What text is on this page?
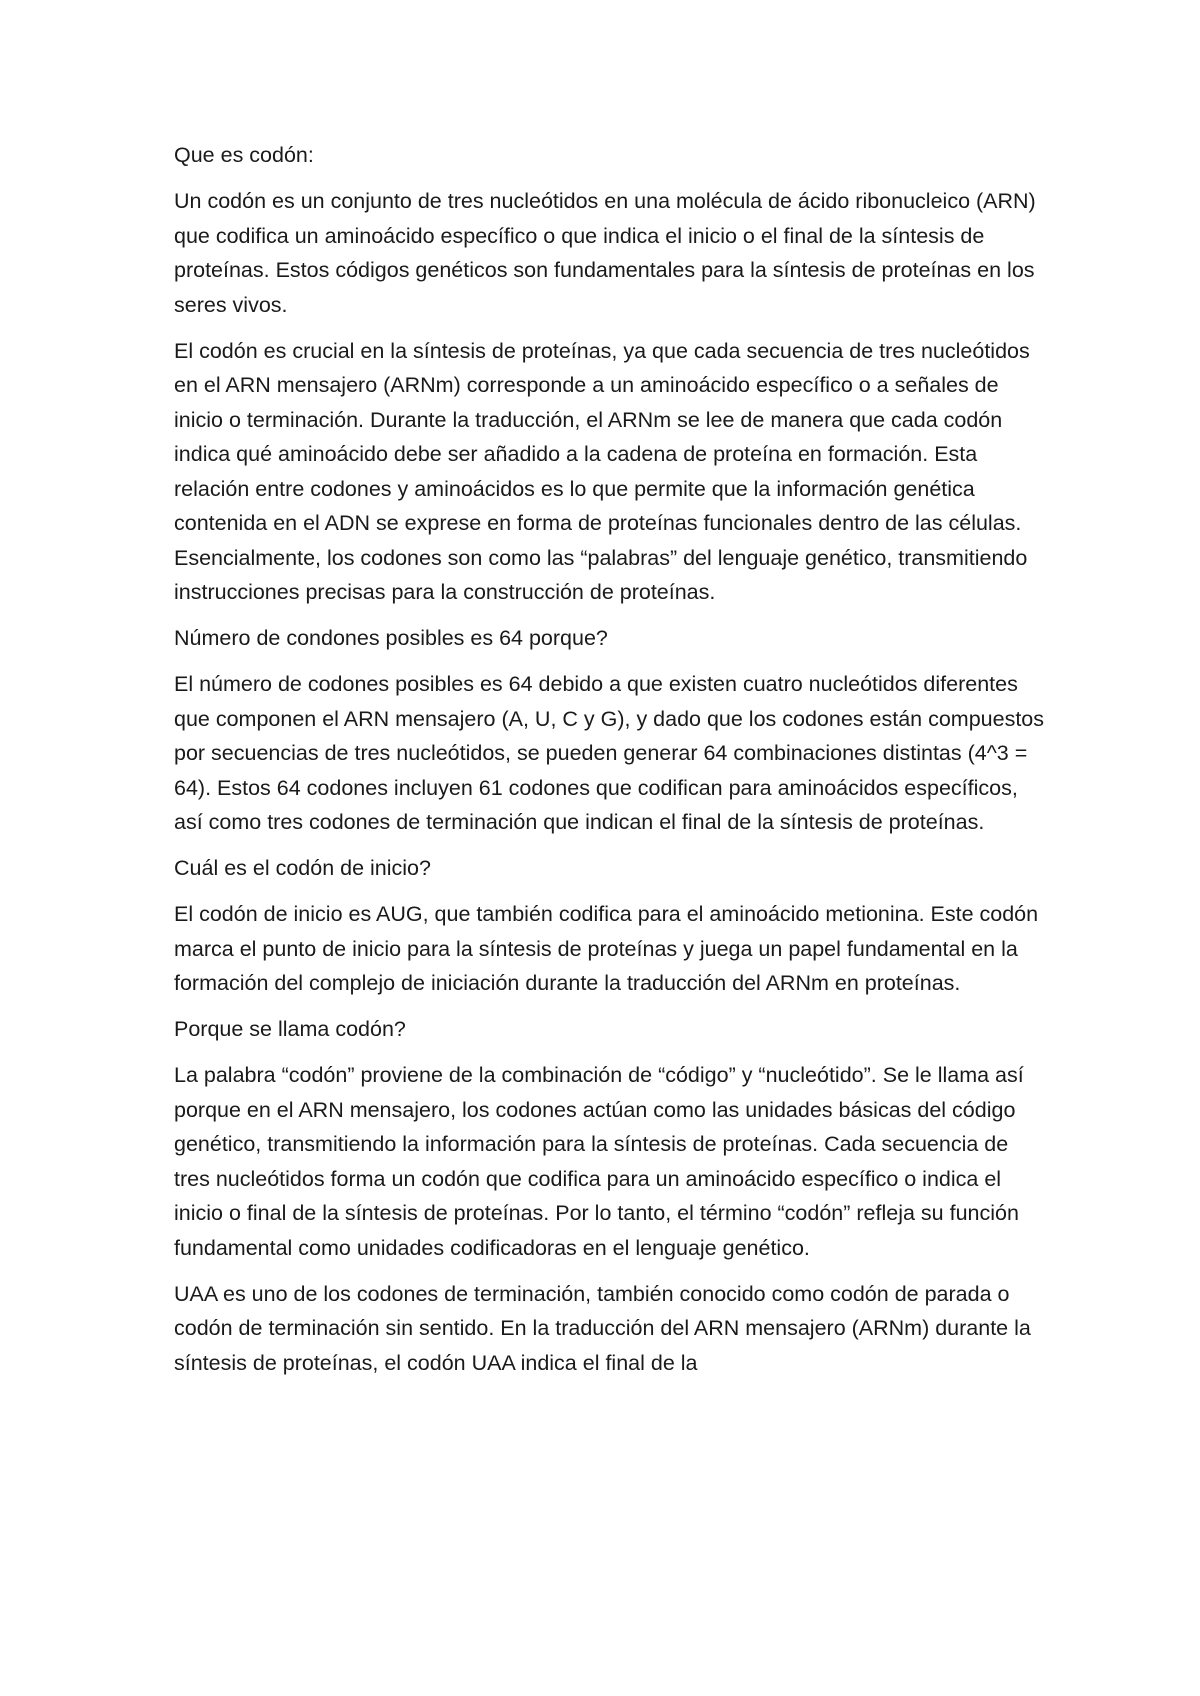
Que es codón:

Un codón es un conjunto de tres nucleótidos en una molécula de ácido ribonucleico (ARN) que codifica un aminoácido específico o que indica el inicio o el final de la síntesis de proteínas. Estos códigos genéticos son fundamentales para la síntesis de proteínas en los seres vivos.

El codón es crucial en la síntesis de proteínas, ya que cada secuencia de tres nucleótidos en el ARN mensajero (ARNm) corresponde a un aminoácido específico o a señales de inicio o terminación. Durante la traducción, el ARNm se lee de manera que cada codón indica qué aminoácido debe ser añadido a la cadena de proteína en formación. Esta relación entre codones y aminoácidos es lo que permite que la información genética contenida en el ADN se exprese en forma de proteínas funcionales dentro de las células. Esencialmente, los codones son como las “palabras” del lenguaje genético, transmitiendo instrucciones precisas para la construcción de proteínas.

Número de condones posibles es 64 porque?

El número de codones posibles es 64 debido a que existen cuatro nucleótidos diferentes que componen el ARN mensajero (A, U, C y G), y dado que los codones están compuestos por secuencias de tres nucleótidos, se pueden generar 64 combinaciones distintas (4^3 = 64). Estos 64 codones incluyen 61 codones que codifican para aminoácidos específicos, así como tres codones de terminación que indican el final de la síntesis de proteínas.

Cuál es el codón de inicio?

El codón de inicio es AUG, que también codifica para el aminoácido metionina. Este codón marca el punto de inicio para la síntesis de proteínas y juega un papel fundamental en la formación del complejo de iniciación durante la traducción del ARNm en proteínas.

Porque se llama codón?

La palabra “codón” proviene de la combinación de “código” y “nucleótido”. Se le llama así porque en el ARN mensajero, los codones actúan como las unidades básicas del código genético, transmitiendo la información para la síntesis de proteínas. Cada secuencia de tres nucleótidos forma un codón que codifica para un aminoácido específico o indica el inicio o final de la síntesis de proteínas. Por lo tanto, el término “codón” refleja su función fundamental como unidades codificadoras en el lenguaje genético.

UAA es uno de los codones de terminación, también conocido como codón de parada o codón de terminación sin sentido. En la traducción del ARN mensajero (ARNm) durante la síntesis de proteínas, el codón UAA indica el final de la
